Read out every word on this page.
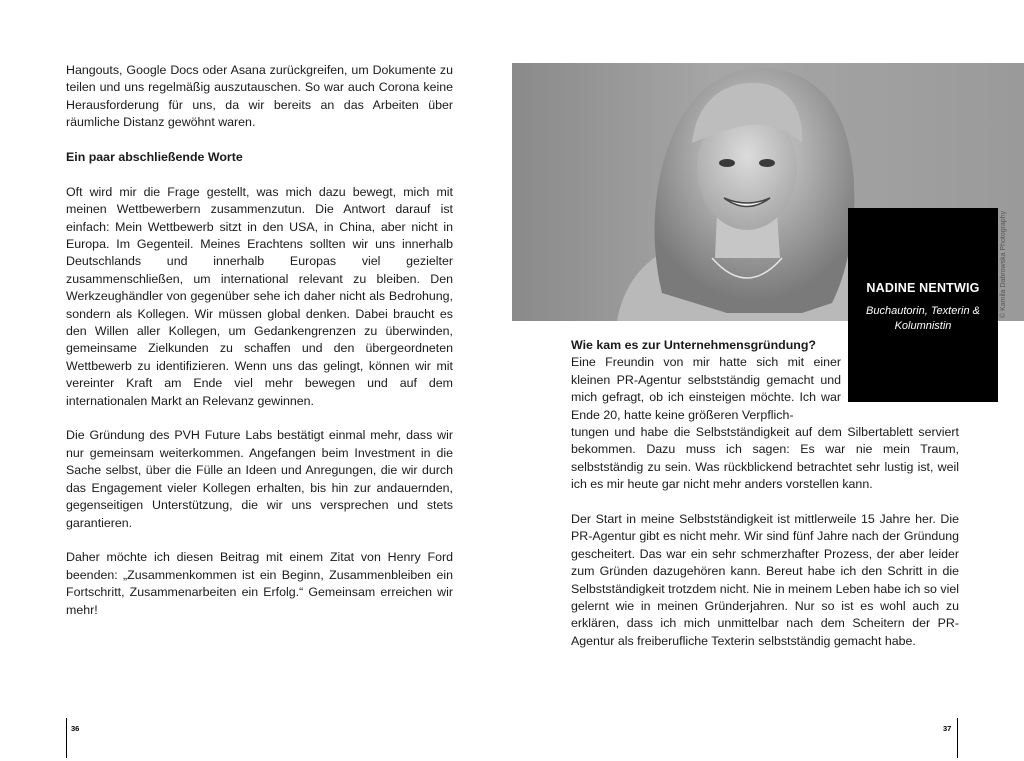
Hangouts, Google Docs oder Asana zurückgreifen, um Dokumente zu teilen und uns regelmäßig auszutauschen. So war auch Corona keine Herausforderung für uns, da wir bereits an das Arbeiten über räumliche Distanz gewöhnt waren.

Ein paar abschließende Worte

Oft wird mir die Frage gestellt, was mich dazu bewegt, mich mit meinen Wettbewerbern zusammenzutun. Die Antwort darauf ist einfach: Mein Wettbewerb sitzt in den USA, in China, aber nicht in Europa. Im Gegenteil. Meines Erachtens sollten wir uns innerhalb Deutschlands und innerhalb Europas viel gezielter zusammenschließen, um international relevant zu bleiben. Den Werkzeughändler von gegenüber sehe ich daher nicht als Bedrohung, sondern als Kollegen. Wir müssen global denken. Dabei braucht es den Willen aller Kollegen, um Gedankengrenzen zu überwinden, gemeinsame Zielkunden zu schaffen und den übergeordneten Wettbewerb zu identifizieren. Wenn uns das gelingt, können wir mit vereinter Kraft am Ende viel mehr bewegen und auf dem internationalen Markt an Relevanz gewinnen.

Die Gründung des PVH Future Labs bestätigt einmal mehr, dass wir nur gemeinsam weiterkommen. Angefangen beim Investment in die Sache selbst, über die Fülle an Ideen und Anregungen, die wir durch das Engagement vieler Kollegen erhalten, bis hin zur andauernden, gegenseitigen Unterstützung, die wir uns versprechen und stets garantieren.

Daher möchte ich diesen Beitrag mit einem Zitat von Henry Ford beenden: „Zusammenkommen ist ein Beginn, Zusammenbleiben ein Fortschritt, Zusammenarbeiten ein Erfolg.“ Gemeinsam erreichen wir mehr!

NADINE NENTWIG
Buchautorin, Texterin & Kolumnistin
© Kamila Dabrowska Photography

Wie kam es zur Unternehmensgründung?

Eine Freundin von mir hatte sich mit einer kleinen PR-Agentur selbstständig gemacht und mich gefragt, ob ich einsteigen möchte. Ich war Ende 20, hatte keine größeren Verpflich-

tungen und habe die Selbstständigkeit auf dem Silbertablett serviert bekommen. Dazu muss ich sagen: Es war nie mein Traum, selbstständig zu sein. Was rückblickend betrachtet sehr lustig ist, weil ich es mir heute gar nicht mehr anders vorstellen kann.

Der Start in meine Selbstständigkeit ist mittlerweile 15 Jahre her. Die PR-Agentur gibt es nicht mehr. Wir sind fünf Jahre nach der Gründung gescheitert. Das war ein sehr schmerzhafter Prozess, der aber leider zum Gründen dazugehören kann. Bereut habe ich den Schritt in die Selbstständigkeit trotzdem nicht. Nie in meinem Leben habe ich so viel gelernt wie in meinen Gründerjahren. Nur so ist es wohl auch zu erklären, dass ich mich unmittelbar nach dem Scheitern der PR-Agentur als freiberufliche Texterin selbstständig gemacht habe.

36	37
